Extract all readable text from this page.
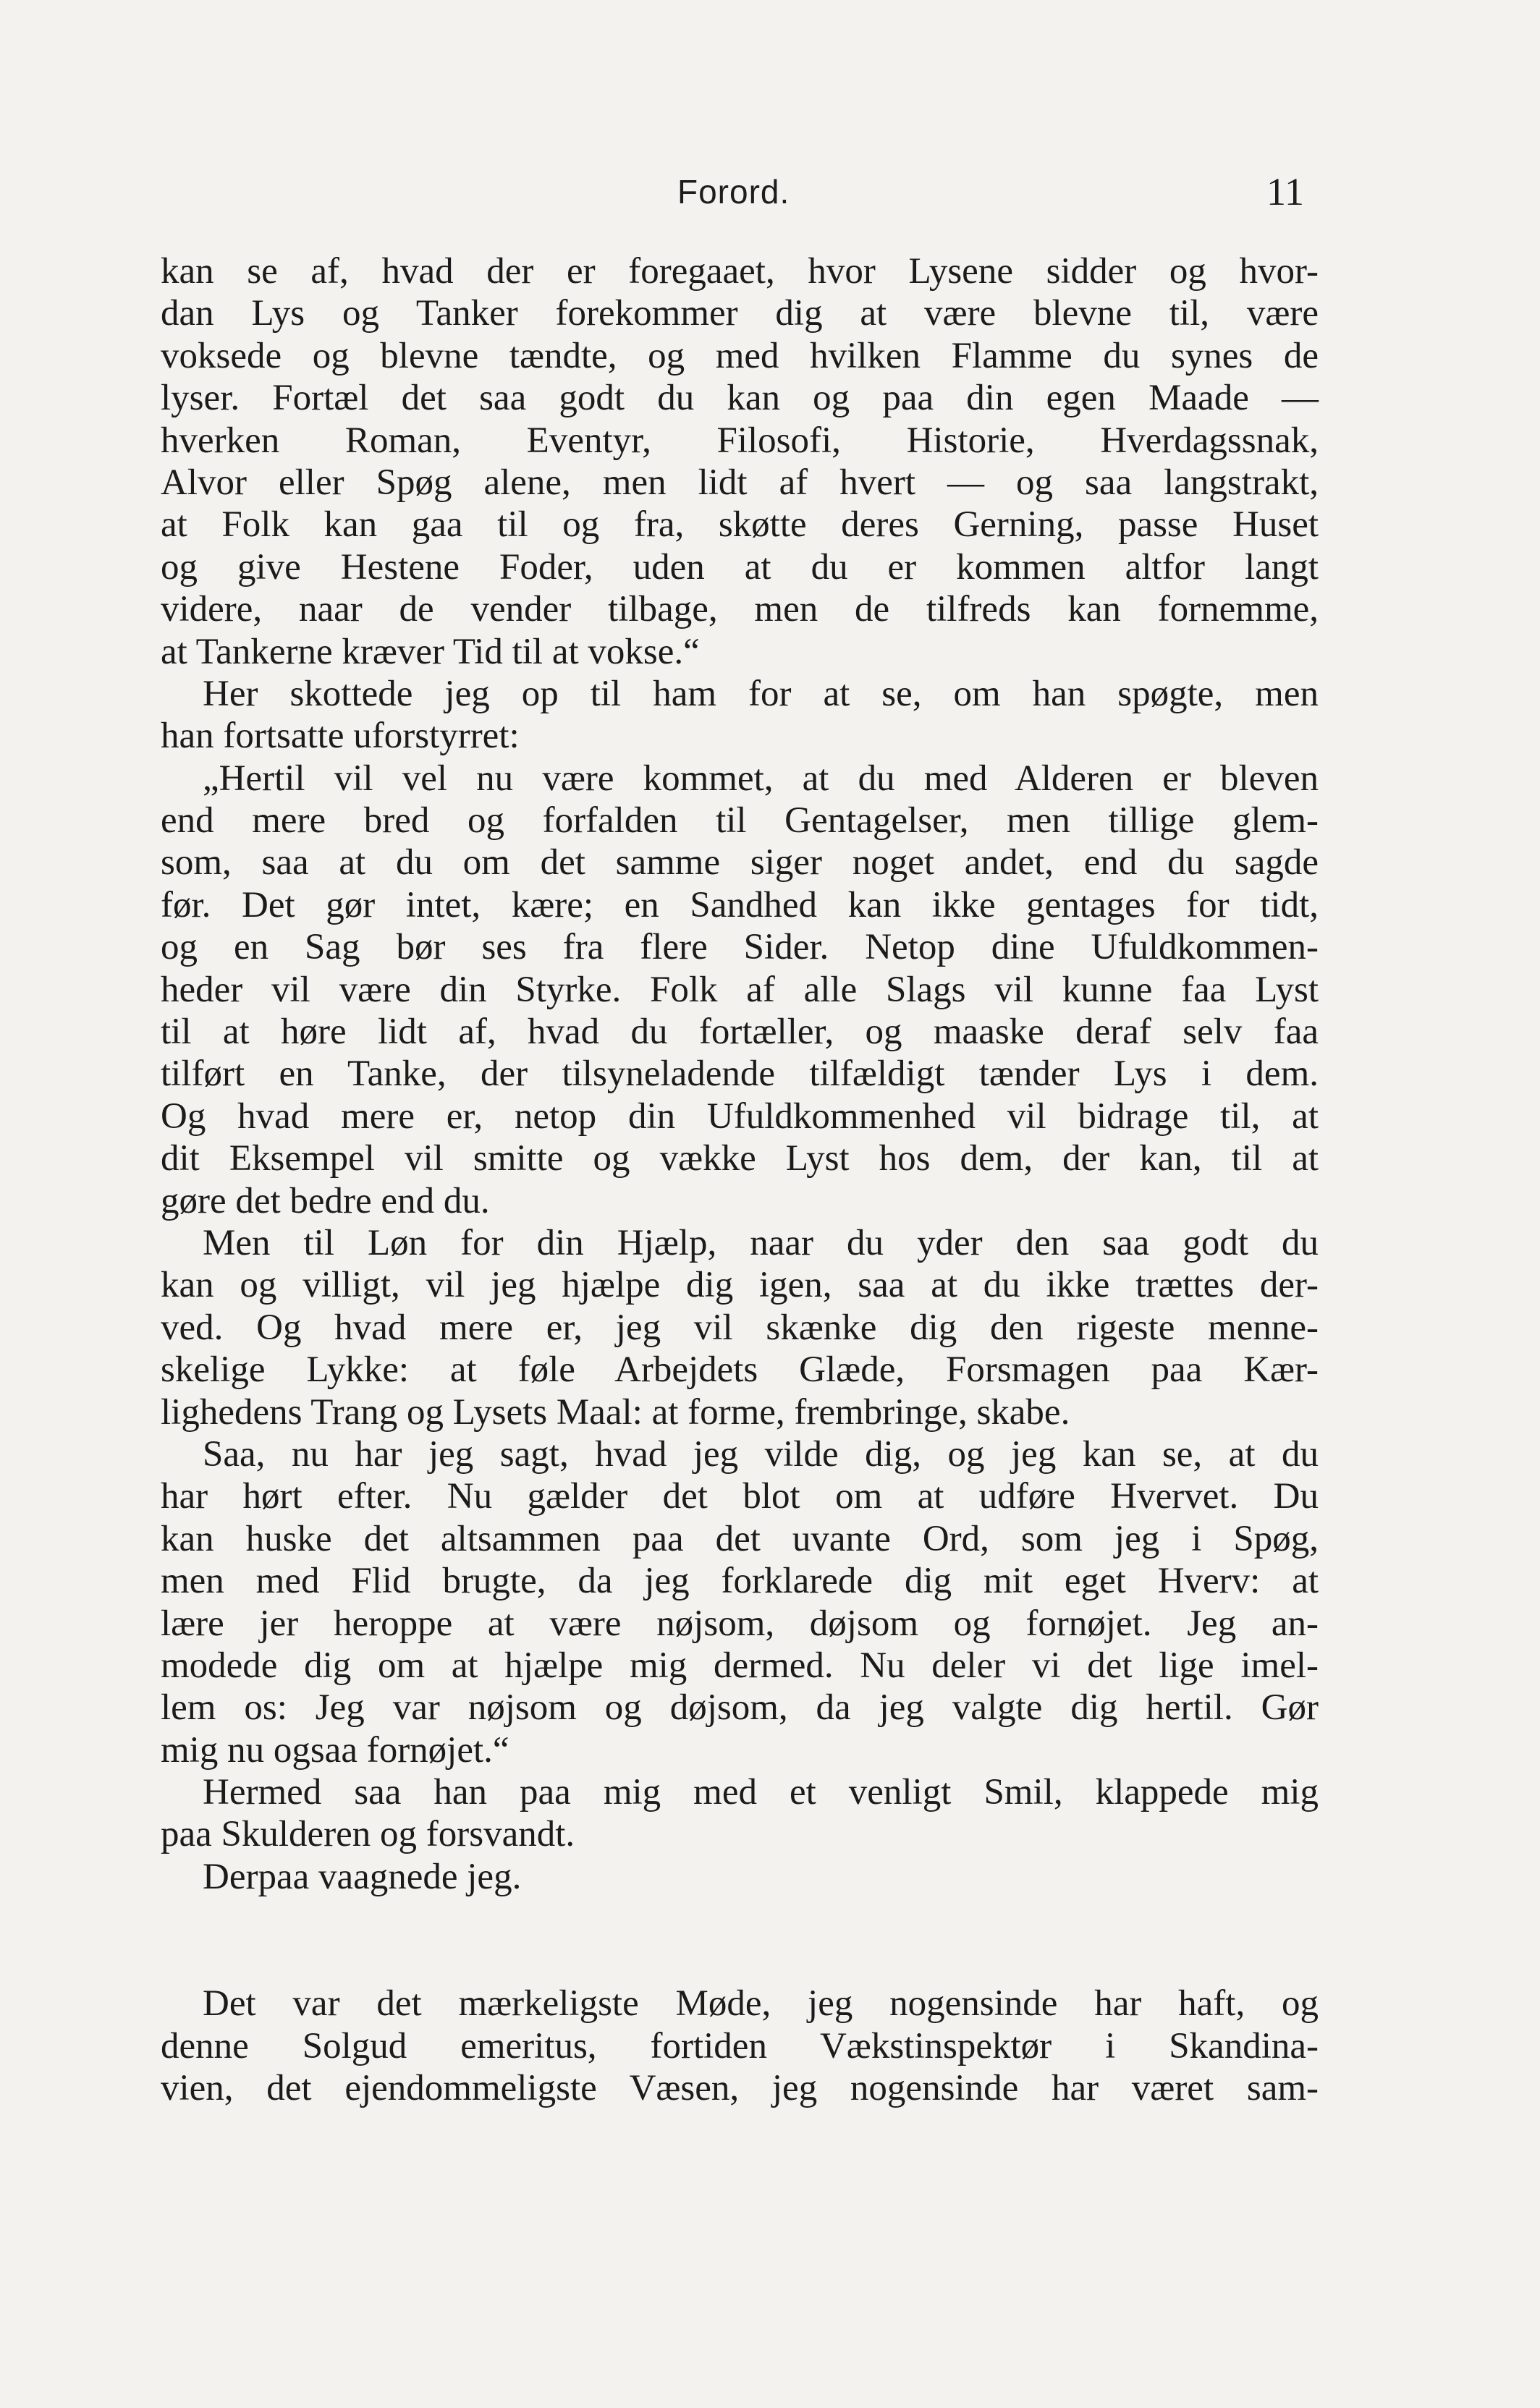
Forord.	11
kan se af, hvad der er foregaaet, hvor Lysene sidder og hvor-
dan Lys og Tanker forekommer dig at være blevne til, være
voksede og blevne tændte, og med hvilken Flamme du synes de
lyser. Fortæl det saa godt du kan og paa din egen Maade —
hverken Roman, Eventyr, Filosofi, Historie, Hverdagssnak,
Alvor eller Spøg alene, men lidt af hvert — og saa langstrakt,
at Folk kan gaa til og fra, skøtte deres Gerning, passe Huset
og give Hestene Foder, uden at du er kommen altfor langt
videre, naar de vender tilbage, men de tilfreds kan fornemme,
at Tankerne kræver Tid til at vokse.“
Her skottede jeg op til ham for at se, om han spøgte, men
han fortsatte uforstyrret:
„Hertil vil vel nu være kommet, at du med Alderen er bleven
end mere bred og forfalden til Gentagelser, men tillige glem-
som, saa at du om det samme siger noget andet, end du sagde
før. Det gør intet, kære; en Sandhed kan ikke gentages for tidt,
og en Sag bør ses fra flere Sider. Netop dine Ufuldkommen-
heder vil være din Styrke. Folk af alle Slags vil kunne faa Lyst
til at høre lidt af, hvad du fortæller, og maaske deraf selv faa
tilført en Tanke, der tilsyneladende tilfældigt tænder Lys i dem.
Og hvad mere er, netop din Ufuldkommenhed vil bidrage til, at
dit Eksempel vil smitte og vække Lyst hos dem, der kan, til at
gøre det bedre end du.
Men til Løn for din Hjælp, naar du yder den saa godt du
kan og villigt, vil jeg hjælpe dig igen, saa at du ikke trættes der-
ved. Og hvad mere er, jeg vil skænke dig den rigeste menne-
skelige Lykke: at føle Arbejdets Glæde, Forsmagen paa Kær-
lighedens Trang og Lysets Maal: at forme, frembringe, skabe.
Saa, nu har jeg sagt, hvad jeg vilde dig, og jeg kan se, at du
har hørt efter. Nu gælder det blot om at udføre Hvervet. Du
kan huske det altsammen paa det uvante Ord, som jeg i Spøg,
men med Flid brugte, da jeg forklarede dig mit eget Hverv: at
lære jer heroppe at være nøjsom, døjsom og fornøjet. Jeg an-
modede dig om at hjælpe mig dermed. Nu deler vi det lige imel-
lem os: Jeg var nøjsom og døjsom, da jeg valgte dig hertil. Gør
mig nu ogsaa fornøjet.“
Hermed saa han paa mig med et venligt Smil, klappede mig
paa Skulderen og forsvandt.
Derpaa vaagnede jeg.
Det var det mærkeligste Møde, jeg nogensinde har haft, og
denne Solgud emeritus, fortiden Vækstinspektør i Skandina-
vien, det ejendommeligste Væsen, jeg nogensinde har været sam-
